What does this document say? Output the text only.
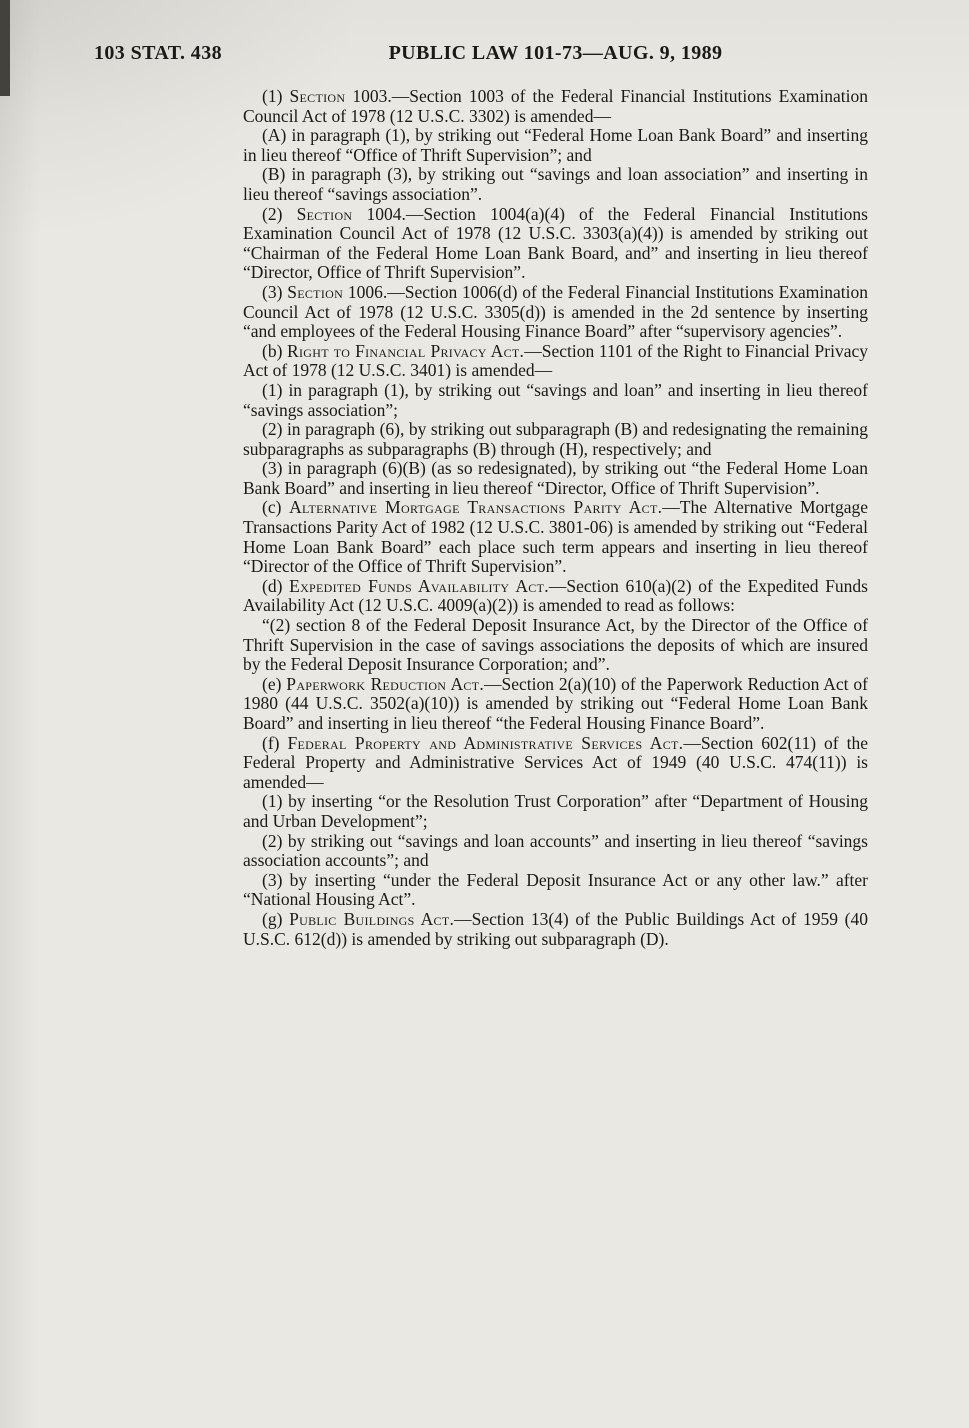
103 STAT. 438	PUBLIC LAW 101-73—AUG. 9, 1989

(1) Section 1003.—Section 1003 of the Federal Financial Institutions Examination Council Act of 1978 (12 U.S.C. 3302) is amended—

(A) in paragraph (1), by striking out “Federal Home Loan Bank Board” and inserting in lieu thereof “Office of Thrift Supervision”; and

(B) in paragraph (3), by striking out “savings and loan association” and inserting in lieu thereof “savings association”.

(2) Section 1004.—Section 1004(a)(4) of the Federal Financial Institutions Examination Council Act of 1978 (12 U.S.C. 3303(a)(4)) is amended by striking out “Chairman of the Federal Home Loan Bank Board, and” and inserting in lieu thereof “Director, Office of Thrift Supervision”.

(3) Section 1006.—Section 1006(d) of the Federal Financial Institutions Examination Council Act of 1978 (12 U.S.C. 3305(d)) is amended in the 2d sentence by inserting “and employees of the Federal Housing Finance Board” after “supervisory agencies”.

(b) Right to Financial Privacy Act.—Section 1101 of the Right to Financial Privacy Act of 1978 (12 U.S.C. 3401) is amended—

(1) in paragraph (1), by striking out “savings and loan” and inserting in lieu thereof “savings association”;

(2) in paragraph (6), by striking out subparagraph (B) and redesignating the remaining subparagraphs as subparagraphs (B) through (H), respectively; and

(3) in paragraph (6)(B) (as so redesignated), by striking out “the Federal Home Loan Bank Board” and inserting in lieu thereof “Director, Office of Thrift Supervision”.

(c) Alternative Mortgage Transactions Parity Act.—The Alternative Mortgage Transactions Parity Act of 1982 (12 U.S.C. 3801-06) is amended by striking out “Federal Home Loan Bank Board” each place such term appears and inserting in lieu thereof “Director of the Office of Thrift Supervision”.

(d) Expedited Funds Availability Act.—Section 610(a)(2) of the Expedited Funds Availability Act (12 U.S.C. 4009(a)(2)) is amended to read as follows:

“(2) section 8 of the Federal Deposit Insurance Act, by the Director of the Office of Thrift Supervision in the case of savings associations the deposits of which are insured by the Federal Deposit Insurance Corporation; and”.

(e) Paperwork Reduction Act.—Section 2(a)(10) of the Paperwork Reduction Act of 1980 (44 U.S.C. 3502(a)(10)) is amended by striking out “Federal Home Loan Bank Board” and inserting in lieu thereof “the Federal Housing Finance Board”.

(f) Federal Property and Administrative Services Act.—Section 602(11) of the Federal Property and Administrative Services Act of 1949 (40 U.S.C. 474(11)) is amended—

(1) by inserting “or the Resolution Trust Corporation” after “Department of Housing and Urban Development”;

(2) by striking out “savings and loan accounts” and inserting in lieu thereof “savings association accounts”; and

(3) by inserting “under the Federal Deposit Insurance Act or any other law.” after “National Housing Act”.

(g) Public Buildings Act.—Section 13(4) of the Public Buildings Act of 1959 (40 U.S.C. 612(d)) is amended by striking out subparagraph (D).
